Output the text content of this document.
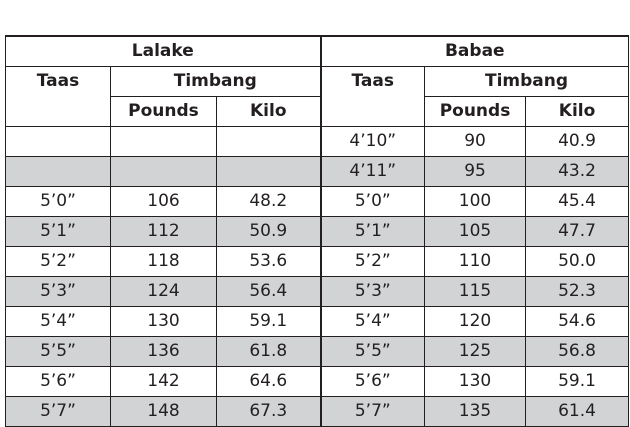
Lalake			Babae		
Taas	Timbang		Taas	Timbang	
	Pounds	Kilo		Pounds	Kilo
			4’10”	90	40.9
			4’11”	95	43.2
5’0”	106	48.2	5’0”	100	45.4
5’1”	112	50.9	5’1”	105	47.7
5’2”	118	53.6	5’2”	110	50.0
5’3”	124	56.4	5’3”	115	52.3
5’4”	130	59.1	5’4”	120	54.6
5’5”	136	61.8	5’5”	125	56.8
5’6”	142	64.6	5’6”	130	59.1
5’7”	148	67.3	5’7”	135	61.4
